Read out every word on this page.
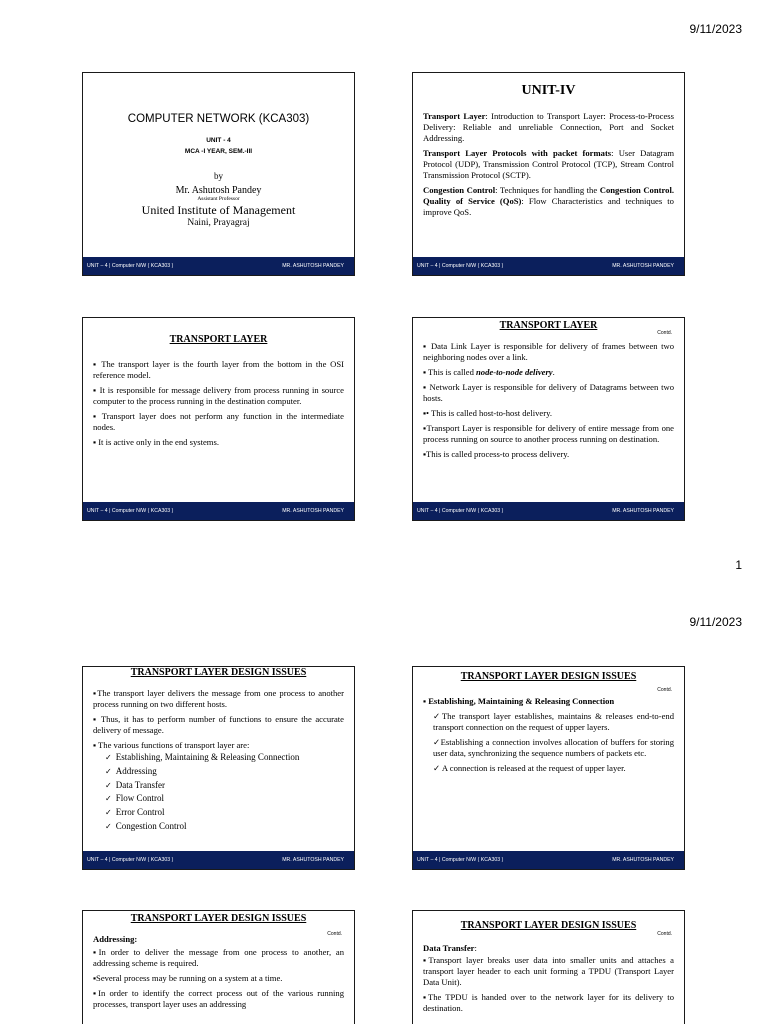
9/11/2023
COMPUTER NETWORK (KCA303)
UNIT - 4
MCA -I YEAR, SEM.-III
by
Mr. Ashutosh Pandey
Assistant Professor
United Institute of Management
Naini, Prayagraj
UNIT – 4 | Computer N/W ( KCA303 )	MR. ASHUTOSH PANDEY
UNIT-IV
Transport Layer: Introduction to Transport Layer: Process-to-Process Delivery: Reliable and unreliable Connection, Port and Socket Addressing.
Transport Layer Protocols with packet formats: User Datagram Protocol (UDP), Transmission Control Protocol (TCP), Stream Control Transmission Protocol (SCTP).
Congestion Control: Techniques for handling the Congestion Control. Quality of Service (QoS): Flow Characteristics and techniques to improve QoS.
UNIT – 4 | Computer N/W ( KCA303 )	MR. ASHUTOSH PANDEY
TRANSPORT LAYER
▪ The transport layer is the fourth layer from the bottom in the OSI reference model.
▪ It is responsible for message delivery from process running in source computer to the process running in the destination computer.
▪ Transport layer does not perform any function in the intermediate nodes.
▪ It is active only in the end systems.
UNIT – 4 | Computer N/W ( KCA303 )	MR. ASHUTOSH PANDEY
Contd.
TRANSPORT LAYER
▪ Data Link Layer is responsible for delivery of frames between two neighboring nodes over a link.
▪ This is called node-to-node delivery.
▪ Network Layer is responsible for delivery of Datagrams between two hosts.
▪• This is called host-to-host delivery.
▪Transport Layer is responsible for delivery of entire message from one process running on source to another process running on destination.
▪This is called process-to process delivery.
UNIT – 4 | Computer N/W ( KCA303 )	MR. ASHUTOSH PANDEY
1
9/11/2023
TRANSPORT LAYER DESIGN ISSUES
▪The transport layer delivers the message from one process to another process running on two different hosts.
▪ Thus, it has to perform number of functions to ensure the accurate delivery of message.
▪ The various functions of transport layer are:
✓ Establishing, Maintaining & Releasing Connection
✓ Addressing
✓ Data Transfer
✓ Flow Control
✓ Error Control
✓ Congestion Control
UNIT – 4 | Computer N/W ( KCA303 )	MR. ASHUTOSH PANDEY
Contd.
TRANSPORT LAYER DESIGN ISSUES
▪ Establishing, Maintaining & Releasing Connection
✓The transport layer establishes, maintains & releases end-to-end transport connection on the request of upper layers.
✓Establishing a connection involves allocation of buffers for storing user data, synchronizing the sequence numbers of packets etc.
✓ A connection is released at the request of upper layer.
UNIT – 4 | Computer N/W ( KCA303 )	MR. ASHUTOSH PANDEY
Contd.
TRANSPORT LAYER DESIGN ISSUES
Addressing:
▪In order to deliver the message from one process to another, an addressing scheme is required.
▪Several process may be running on a system at a time.
▪In order to identify the correct process out of the various running processes, transport layer uses an addressing
Contd.
TRANSPORT LAYER DESIGN ISSUES
Data Transfer:
▪Transport layer breaks user data into smaller units and attaches a transport layer header to each unit forming a TPDU (Transport Layer Data Unit).
▪The TPDU is handed over to the network layer for its delivery to destination.
